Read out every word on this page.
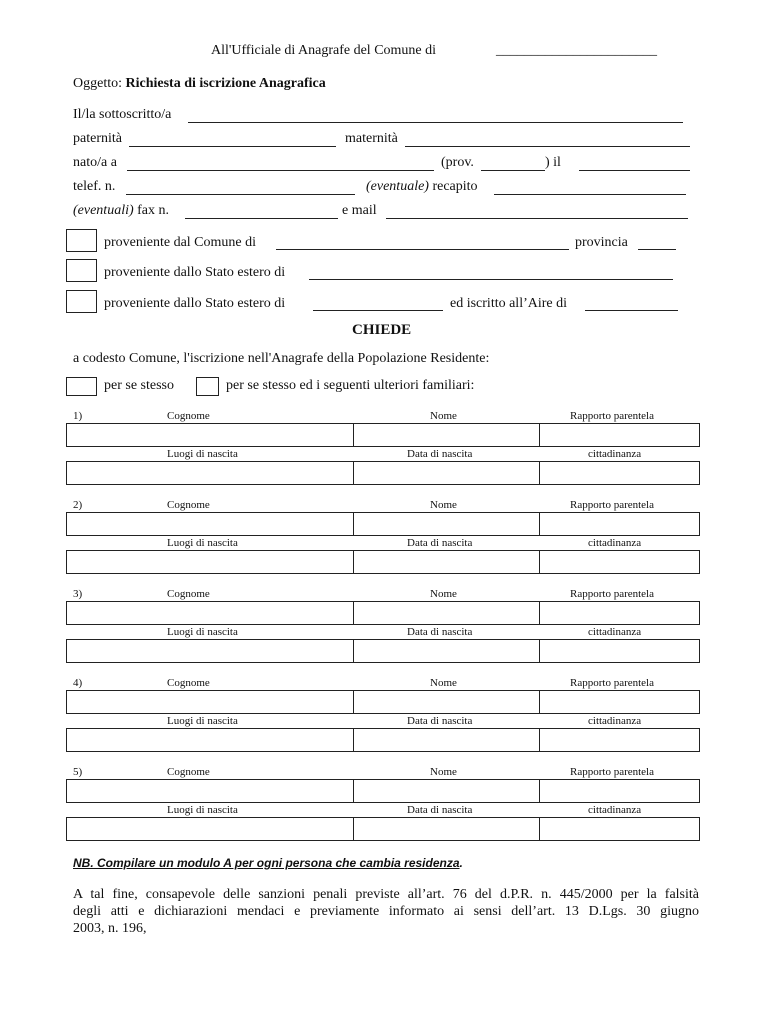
All'Ufficiale di Anagrafe del Comune di	_______________________
Oggetto: Richiesta di iscrizione Anagrafica
Il/la sottoscritto/a
paternità	maternità
nato/a a	(prov.	) il
telef. n.	(eventuale) recapito
(eventuali) fax n.	e mail
proveniente dal Comune di	provincia
proveniente dallo Stato estero di
proveniente dallo Stato estero di	ed iscritto all’Aire di
CHIEDE
a codesto Comune, l'iscrizione nell'Anagrafe della Popolazione Residente:
per se stesso	per se stesso ed i seguenti ulteriori familiari:
1)	Cognome	Nome	Rapporto parentela
Luogi di nascita	Data di nascita	cittadinanza
2)	Cognome	Nome	Rapporto parentela
Luogi di nascita	Data di nascita	cittadinanza
3)	Cognome	Nome	Rapporto parentela
Luogi di nascita	Data di nascita	cittadinanza
4)	Cognome	Nome	Rapporto parentela
Luogi di nascita	Data di nascita	cittadinanza
5)	Cognome	Nome	Rapporto parentela
Luogi di nascita	Data di nascita	cittadinanza
NB. Compilare un modulo A per ogni persona che cambia residenza.
A tal fine, consapevole delle sanzioni penali previste all’art. 76 del d.P.R. n. 445/2000 per la falsità
degli atti e dichiarazioni mendaci e previamente informato ai sensi dell’art. 13 D.Lgs. 30 giugno
2003, n. 196,
